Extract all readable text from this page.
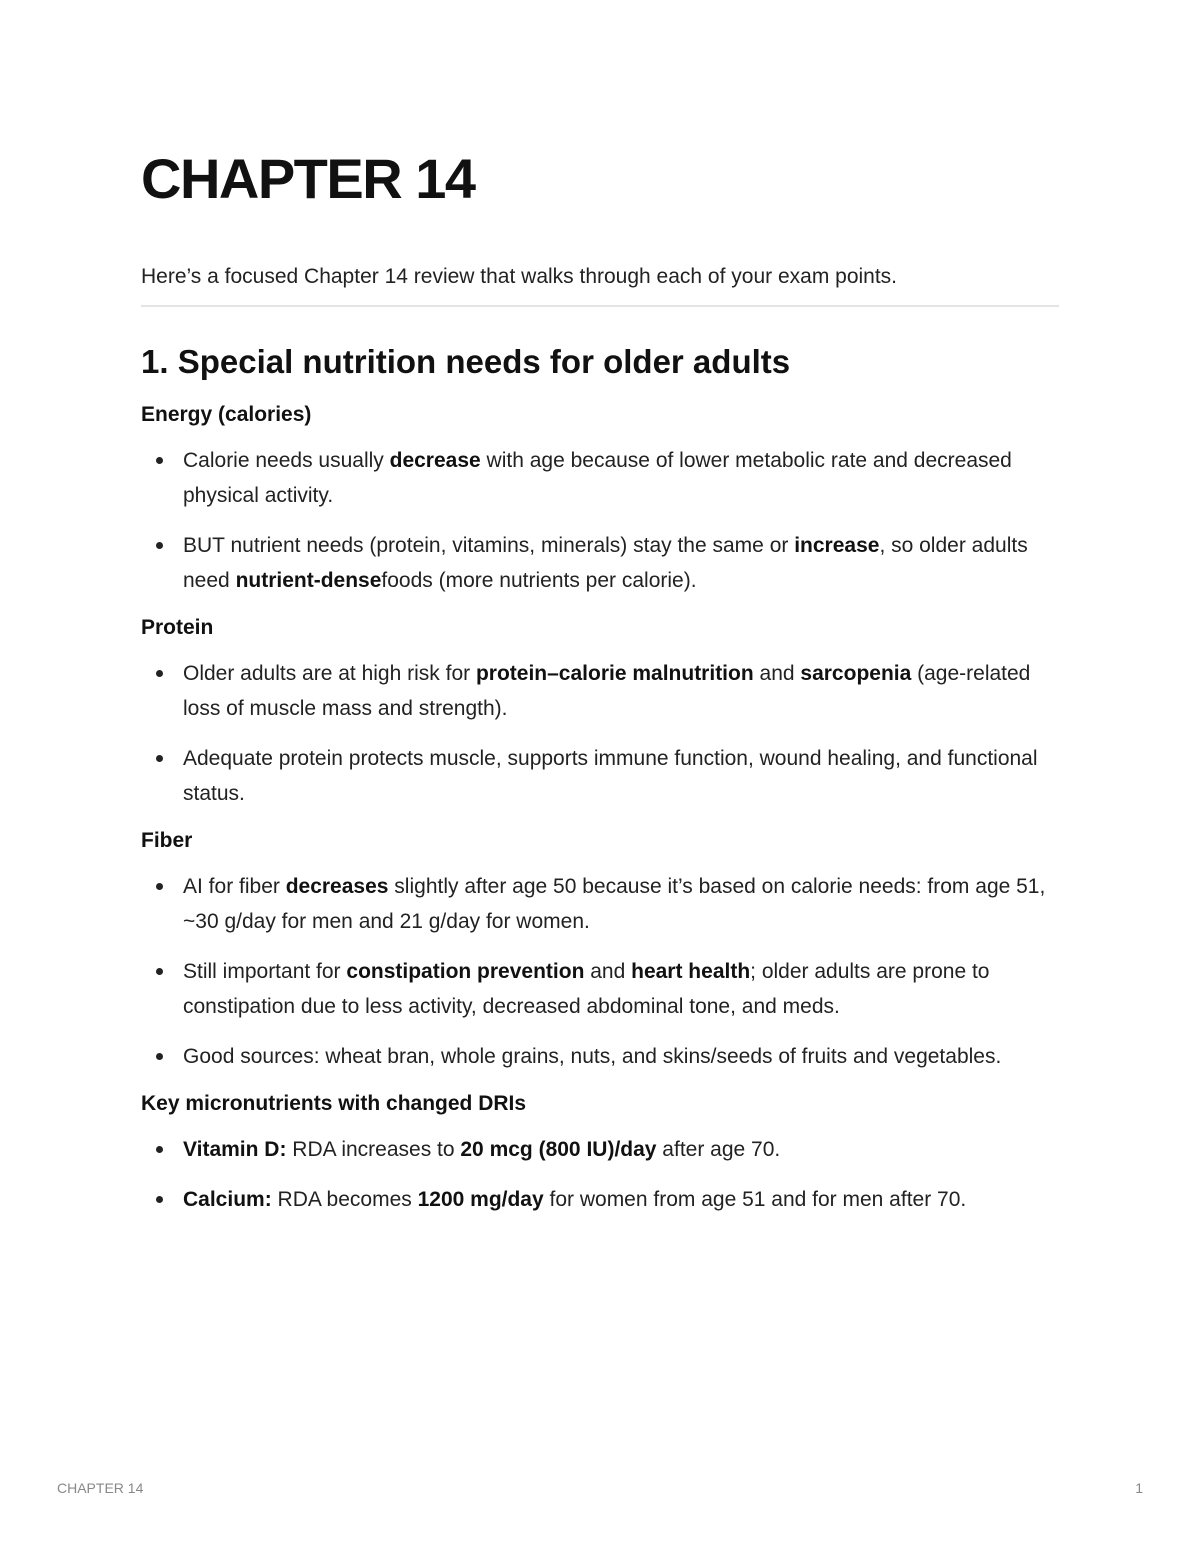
CHAPTER 14

Here’s a focused Chapter 14 review that walks through each of your exam points.

1. Special nutrition needs for older adults
Energy (calories)
Calorie needs usually decrease with age because of lower metabolic rate and decreased physical activity.
BUT nutrient needs (protein, vitamins, minerals) stay the same or increase, so older adults need nutrient-densefoods (more nutrients per calorie).
Protein
Older adults are at high risk for protein–calorie malnutrition and sarcopenia (age-related loss of muscle mass and strength).
Adequate protein protects muscle, supports immune function, wound healing, and functional status.
Fiber
AI for fiber decreases slightly after age 50 because it’s based on calorie needs: from age 51, ~30 g/day for men and 21 g/day for women.
Still important for constipation prevention and heart health; older adults are prone to constipation due to less activity, decreased abdominal tone, and meds.
Good sources: wheat bran, whole grains, nuts, and skins/seeds of fruits and vegetables.
Key micronutrients with changed DRIs
Vitamin D: RDA increases to 20 mcg (800 IU)/day after age 70.
Calcium: RDA becomes 1200 mg/day for women from age 51 and for men after 70.
CHAPTER 14	1
